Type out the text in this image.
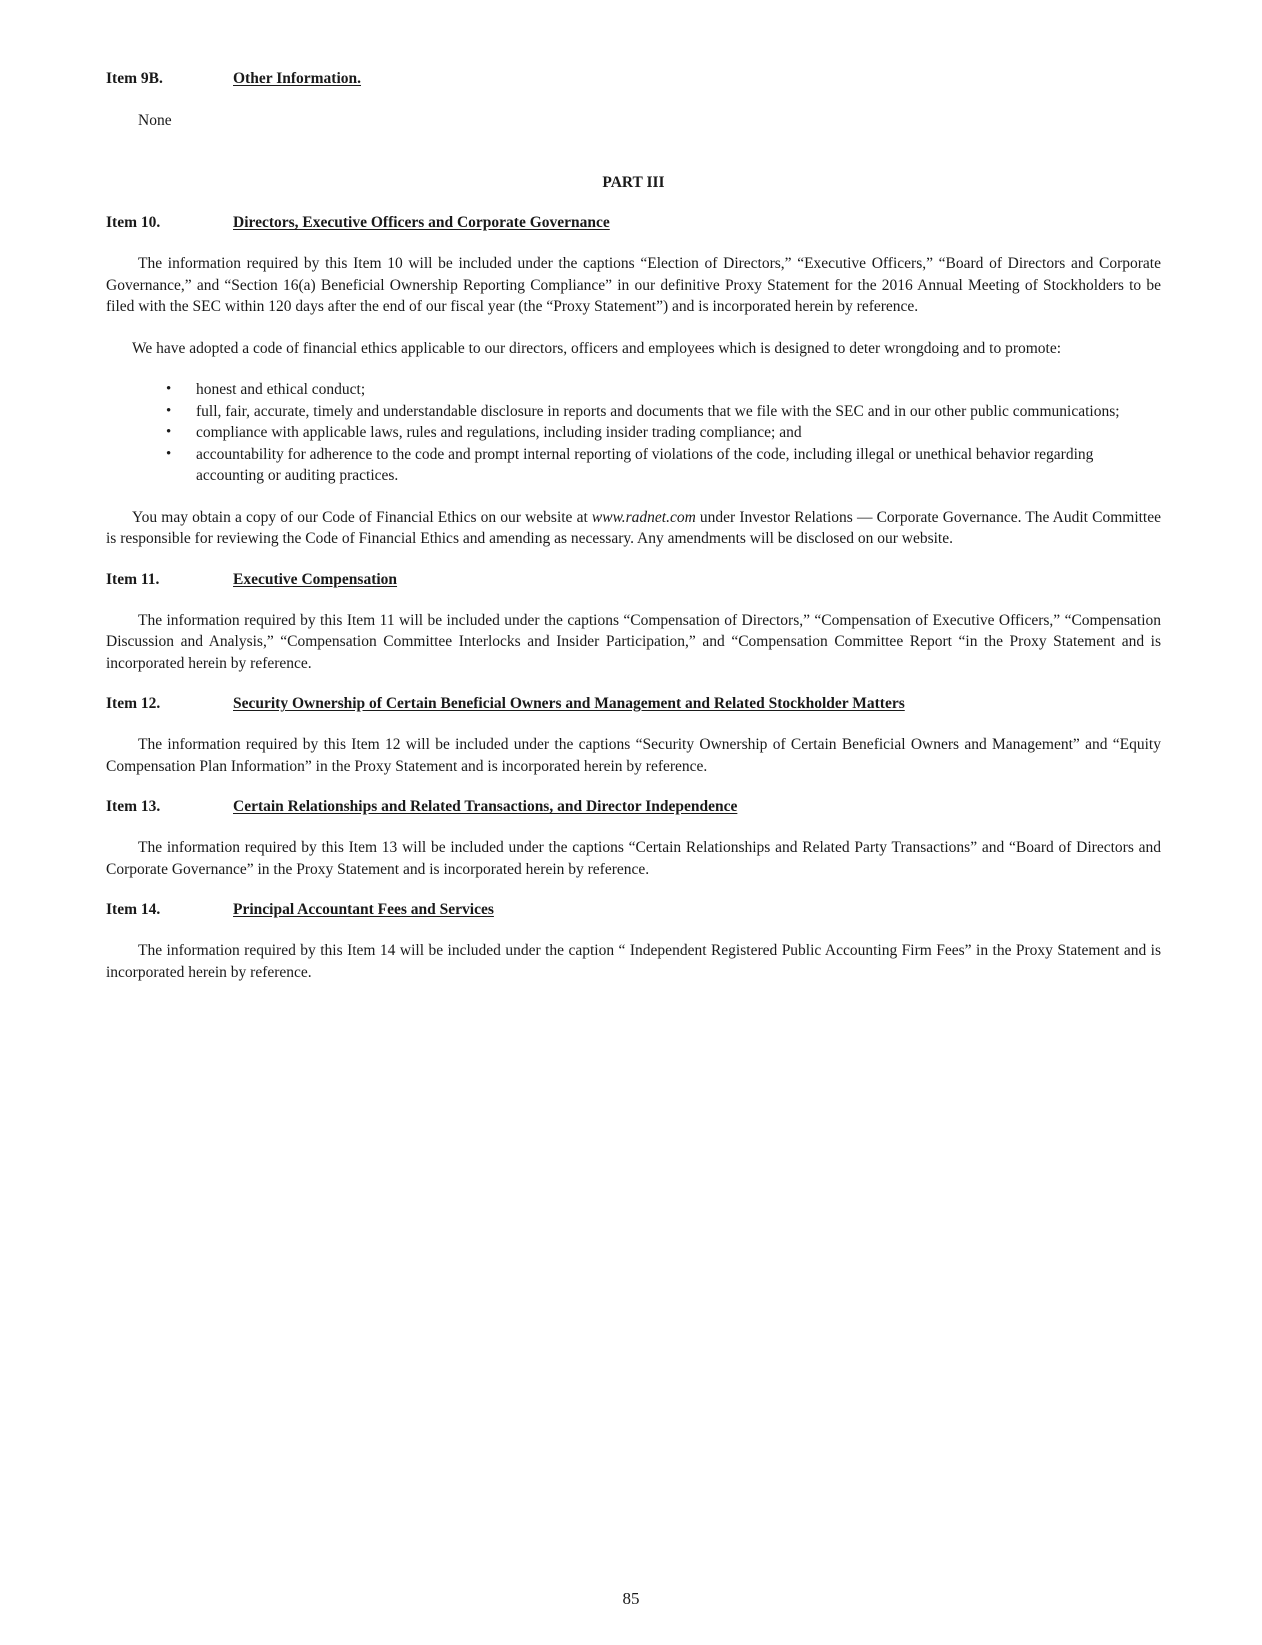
Item 9B.	Other Information.

None

PART III
Item 10.	Directors, Executive Officers and Corporate Governance

The information required by this Item 10 will be included under the captions “Election of Directors,” “Executive Officers,” “Board of Directors and Corporate Governance,” and “Section 16(a) Beneficial Ownership Reporting Compliance” in our definitive Proxy Statement for the 2016 Annual Meeting of Stockholders to be filed with the SEC within 120 days after the end of our fiscal year (the “Proxy Statement”) and is incorporated herein by reference.

We have adopted a code of financial ethics applicable to our directors, officers and employees which is designed to deter wrongdoing and to promote:

• honest and ethical conduct;
• full, fair, accurate, timely and understandable disclosure in reports and documents that we file with the SEC and in our other public communications;
• compliance with applicable laws, rules and regulations, including insider trading compliance; and
• accountability for adherence to the code and prompt internal reporting of violations of the code, including illegal or unethical behavior regarding accounting or auditing practices.

You may obtain a copy of our Code of Financial Ethics on our website at www.radnet.com under Investor Relations — Corporate Governance. The Audit Committee is responsible for reviewing the Code of Financial Ethics and amending as necessary. Any amendments will be disclosed on our website.

Item 11.	Executive Compensation

The information required by this Item 11 will be included under the captions “Compensation of Directors,” “Compensation of Executive Officers,” “Compensation Discussion and Analysis,” “Compensation Committee Interlocks and Insider Participation,” and “Compensation Committee Report “in the Proxy Statement and is incorporated herein by reference.

Item 12.	Security Ownership of Certain Beneficial Owners and Management and Related Stockholder Matters

The information required by this Item 12 will be included under the captions “Security Ownership of Certain Beneficial Owners and Management” and “Equity Compensation Plan Information” in the Proxy Statement and is incorporated herein by reference.

Item 13.	Certain Relationships and Related Transactions, and Director Independence

The information required by this Item 13 will be included under the captions “Certain Relationships and Related Party Transactions” and “Board of Directors and Corporate Governance” in the Proxy Statement and is incorporated herein by reference.

Item 14.	Principal Accountant Fees and Services

The information required by this Item 14 will be included under the caption “ Independent Registered Public Accounting Firm Fees” in the Proxy Statement and is incorporated herein by reference.

85
